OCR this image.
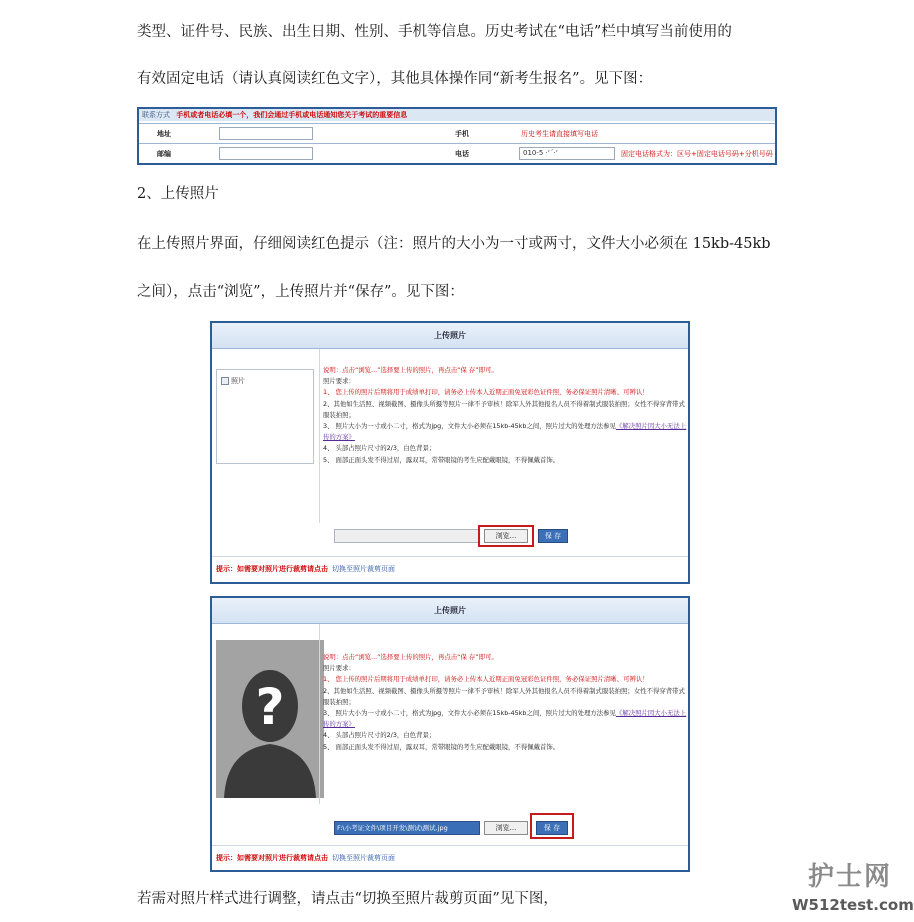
类型、证件号、民族、出生日期、性别、手机等信息。历史考试在“电话”栏中填写当前使用的
有效固定电话（请认真阅读红色文字），其他具体操作同“新考生报名”。见下图：
联系方式 手机或者电话必填一个，我们会通过手机或电话通知您关于考试的重要信息
地址	手机	历史考生请直接填写电话
邮编	电话	010-5 ·‘ˊ·‘	固定电话格式为：区号+固定电话号码+分机号码
2、上传照片
在上传照片界面，仔细阅读红色提示（注：照片的大小为一寸或两寸，文件大小必须在 15kb-45kb
之间），点击“浏览”，上传照片并“保存”。见下图：
上传照片
照片
说明：点击“浏览...”选择要上传的照片，再点击“保 存”即可。
照片要求：
1、 您上传的照片后期将用于成绩单打印，请务必上传本人近期正面免冠彩色证件照，务必保证照片清晰、可辨认！
2、其他如生活照、视频截图、摄像头所摄等照片一律不予审核！除军人外其他报名人员不得着制式服装拍照；女性不得穿背带式服装拍照；
3、 照片大小为一寸或小二寸，格式为jpg，文件大小必须在15kb-45kb之间，照片过大的处理方法参见《解决照片因大小无法上传的方案》
4、 头部占照片尺寸的2/3，白色背景；
5、 面部正面头发不得过眉，露双耳，常带眼镜的考生应配戴眼镜，不得佩戴首饰。
浏览...	保 存
提示：如需要对照片进行裁剪请点击 切换至照片裁剪页面
上传照片
?
说明：点击“浏览...”选择要上传的照片，再点击“保 存”即可。
照片要求：
1、 您上传的照片后期将用于成绩单打印，请务必上传本人近期正面免冠彩色证件照，务必保证照片清晰、可辨认！
2、其他如生活照、视频截图、摄像头所摄等照片一律不予审核！除军人外其他报名人员不得着制式服装拍照；女性不得穿背带式服装拍照；
3、 照片大小为一寸或小二寸，格式为jpg，文件大小必须在15kb-45kb之间，照片过大的处理方法参见《解决照片因大小无法上传的方案》
4、 头部占照片尺寸的2/3，白色背景；
5、 面部正面头发不得过眉，露双耳，常带眼镜的考生应配戴眼镜，不得佩戴首饰。
F:\小考证文件\项目开发\测试\测试.jpg	浏览...	保 存
提示：如需要对照片进行裁剪请点击 切换至照片裁剪页面
若需对照片样式进行调整，请点击“切换至照片裁剪页面”见下图，
护士网
W512test.com
